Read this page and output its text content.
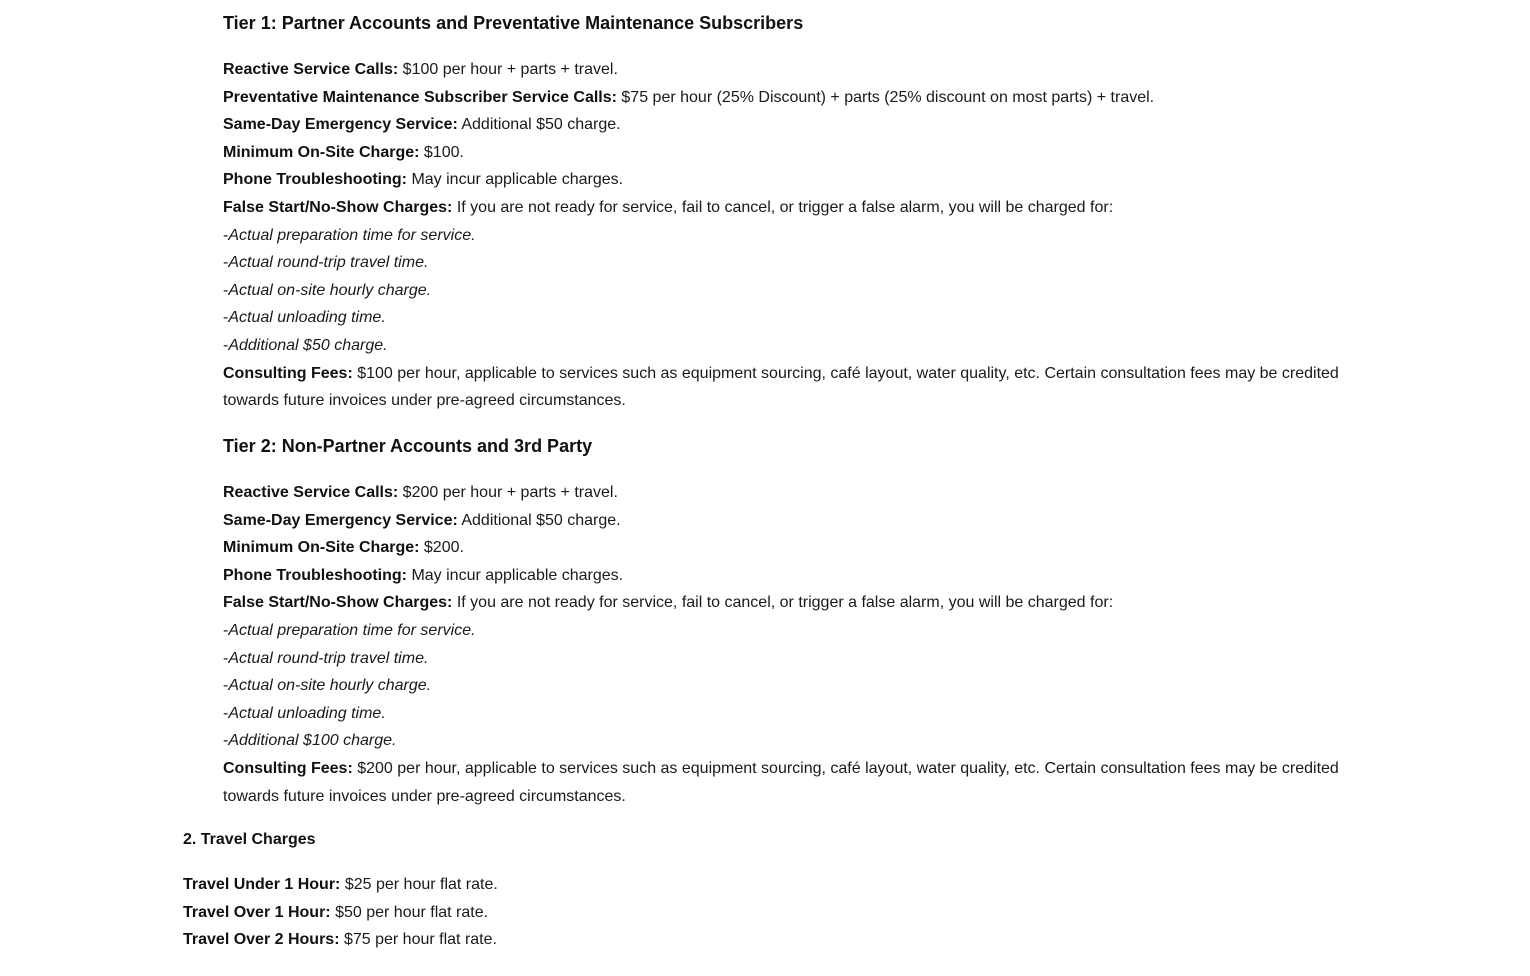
Tier 1: Partner Accounts and Preventative Maintenance Subscribers

Reactive Service Calls: $100 per hour + parts + travel.

Preventative Maintenance Subscriber Service Calls: $75 per hour (25% Discount) + parts (25% discount on most parts) + travel.

Same-Day Emergency Service: Additional $50 charge.

Minimum On-Site Charge: $100.

Phone Troubleshooting: May incur applicable charges.

False Start/No-Show Charges: If you are not ready for service, fail to cancel, or trigger a false alarm, you will be charged for:

-Actual preparation time for service.

-Actual round-trip travel time.

-Actual on-site hourly charge.

-Actual unloading time.

-Additional $50 charge.

Consulting Fees: $100 per hour, applicable to services such as equipment sourcing, café layout, water quality, etc. Certain consultation fees may be credited towards future invoices under pre-agreed circumstances.

Tier 2: Non-Partner Accounts and 3rd Party

Reactive Service Calls: $200 per hour + parts + travel.

Same-Day Emergency Service: Additional $50 charge.

Minimum On-Site Charge: $200.

Phone Troubleshooting: May incur applicable charges.

False Start/No-Show Charges: If you are not ready for service, fail to cancel, or trigger a false alarm, you will be charged for:

-Actual preparation time for service.

-Actual round-trip travel time.

-Actual on-site hourly charge.

-Actual unloading time.

-Additional $100 charge.

Consulting Fees: $200 per hour, applicable to services such as equipment sourcing, café layout, water quality, etc. Certain consultation fees may be credited towards future invoices under pre-agreed circumstances.

2. Travel Charges

Travel Under 1 Hour: $25 per hour flat rate.

Travel Over 1 Hour: $50 per hour flat rate.

Travel Over 2 Hours: $75 per hour flat rate.
